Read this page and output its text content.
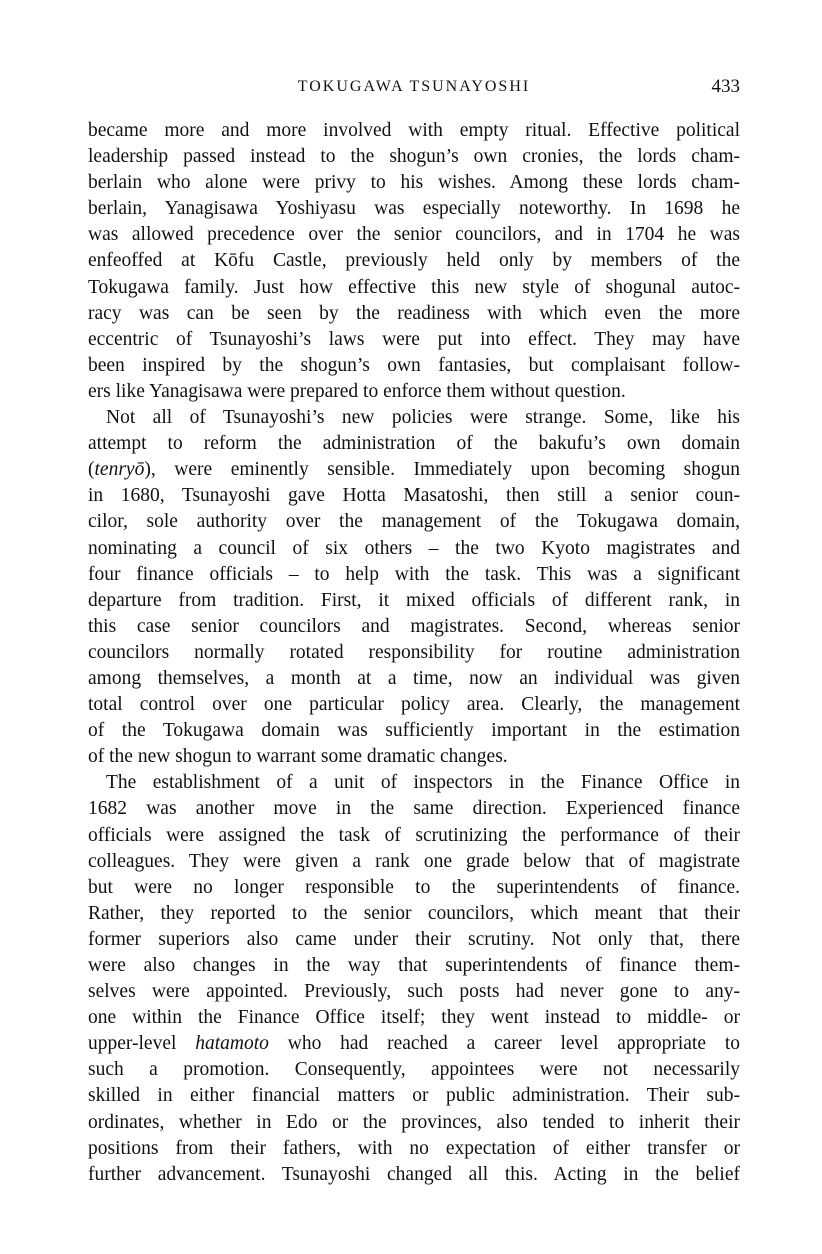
TOKUGAWA TSUNAYOSHI	433
became more and more involved with empty ritual. Effective political
leadership passed instead to the shogun’s own cronies, the lords cham-
berlain who alone were privy to his wishes. Among these lords cham-
berlain, Yanagisawa Yoshiyasu was especially noteworthy. In 1698 he
was allowed precedence over the senior councilors, and in 1704 he was
enfeoffed at Kōfu Castle, previously held only by members of the
Tokugawa family. Just how effective this new style of shogunal autoc-
racy was can be seen by the readiness with which even the more
eccentric of Tsunayoshi’s laws were put into effect. They may have
been inspired by the shogun’s own fantasies, but complaisant follow-
ers like Yanagisawa were prepared to enforce them without question.
Not all of Tsunayoshi’s new policies were strange. Some, like his
attempt to reform the administration of the bakufu’s own domain
(tenryō), were eminently sensible. Immediately upon becoming shogun
in 1680, Tsunayoshi gave Hotta Masatoshi, then still a senior coun-
cilor, sole authority over the management of the Tokugawa domain,
nominating a council of six others – the two Kyoto magistrates and
four finance officials – to help with the task. This was a significant
departure from tradition. First, it mixed officials of different rank, in
this case senior councilors and magistrates. Second, whereas senior
councilors normally rotated responsibility for routine administration
among themselves, a month at a time, now an individual was given
total control over one particular policy area. Clearly, the management
of the Tokugawa domain was sufficiently important in the estimation
of the new shogun to warrant some dramatic changes.
The establishment of a unit of inspectors in the Finance Office in
1682 was another move in the same direction. Experienced finance
officials were assigned the task of scrutinizing the performance of their
colleagues. They were given a rank one grade below that of magistrate
but were no longer responsible to the superintendents of finance.
Rather, they reported to the senior councilors, which meant that their
former superiors also came under their scrutiny. Not only that, there
were also changes in the way that superintendents of finance them-
selves were appointed. Previously, such posts had never gone to any-
one within the Finance Office itself; they went instead to middle- or
upper-level hatamoto who had reached a career level appropriate to
such a promotion. Consequently, appointees were not necessarily
skilled in either financial matters or public administration. Their sub-
ordinates, whether in Edo or the provinces, also tended to inherit their
positions from their fathers, with no expectation of either transfer or
further advancement. Tsunayoshi changed all this. Acting in the belief
